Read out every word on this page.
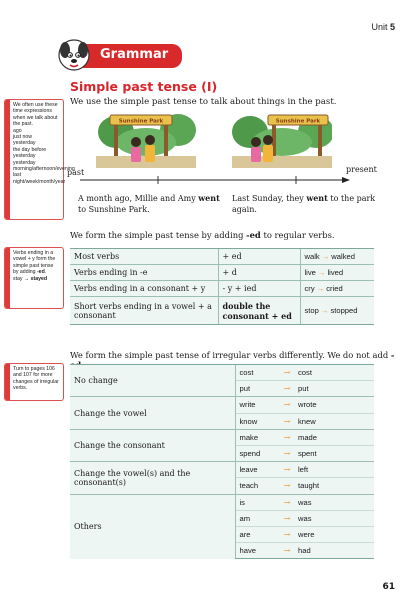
Unit 5
Grammar
Simple past tense (I)
We use the simple past tense to talk about things in the past.
We often use these time expressions when we talk about the past.
ago
just now
yesterday
the day before yesterday
yesterday morning/afternoon/evening
last night/week/month/year
Verbs ending in a vowel + y form the simple past tense by adding -ed.
stay → stayed
Turn to pages 106 and 107 for more changes of irregular verbs.
Sunshine Park	Sunshine Park
past	present
A month ago, Millie and Amy went to Sunshine Park.
Last Sunday, they went to the park again.
We form the simple past tense by adding -ed to regular verbs.
Most verbs	+ ed	walk → walked
Verbs ending in -e	+ d	live → lived
Verbs ending in a consonant + y	- y + ied	cry → cried
Short verbs ending in a vowel + a consonant	double the consonant + ed	stop → stopped
We form the simple past tense of irregular verbs differently. We do not add -
No change	cost	→	cost
	put	→	put
Change the vowel	write	→	wrote
	know	→	knew
Change the consonant	make	→	made
	spend	→	spent
Change the vowel(s) and the consonant(s)	leave	→	left
	teach	→	taught
Others	is	→	was
	am	→	was
	are	→	were
	have	→	had
61
